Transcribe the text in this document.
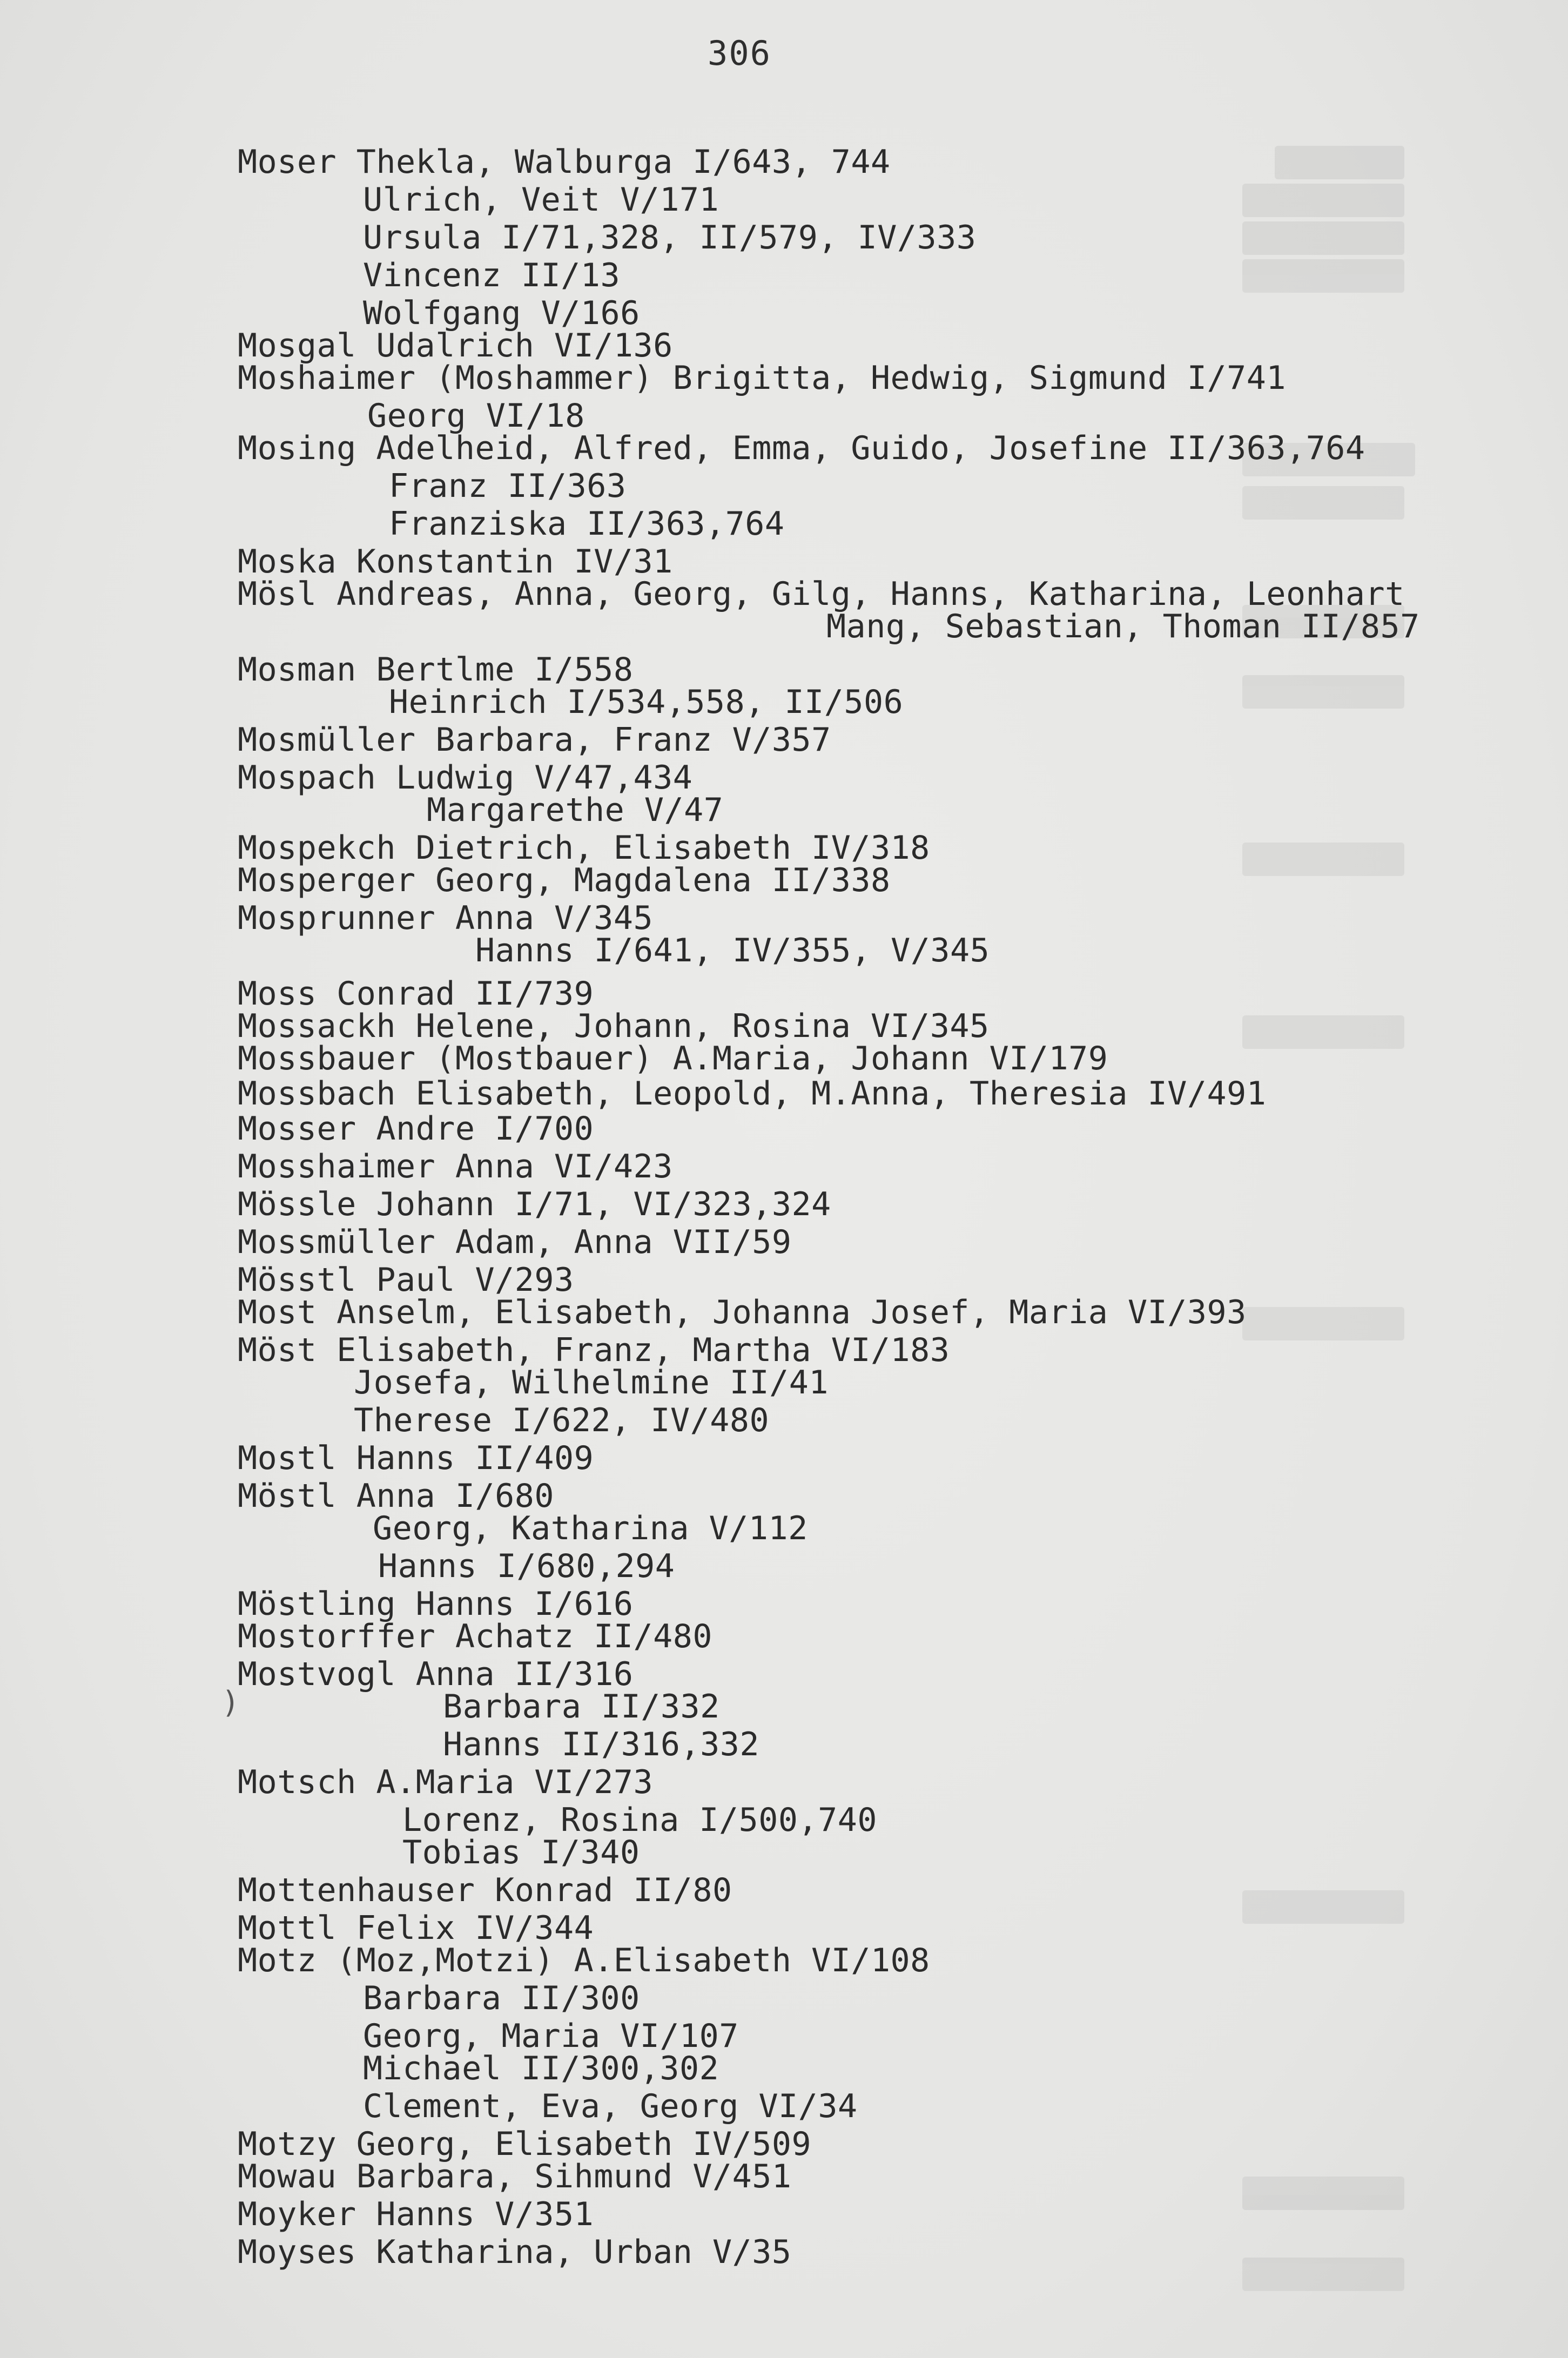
306
Moser Thekla, Walburga I/643, 744
Ulrich, Veit V/171
Ursula I/71,328, II/579, IV/333
Vincenz II/13
Wolfgang V/166
Mosgal Udalrich VI/136
Moshaimer (Moshammer) Brigitta, Hedwig, Sigmund I/741
Georg VI/18
Mosing Adelheid, Alfred, Emma, Guido, Josefine II/363,764
Franz II/363
Franziska II/363,764
Moska Konstantin IV/31
Mösl Andreas, Anna, Georg, Gilg, Hanns, Katharina, Leonhart
Mang, Sebastian, Thoman II/857
Mosman Bertlme I/558
Heinrich I/534,558, II/506
Mosmüller Barbara, Franz V/357
Mospach Ludwig V/47,434
Margarethe V/47
Mospekch Dietrich, Elisabeth IV/318
Mosperger Georg, Magdalena II/338
Mosprunner Anna V/345
Hanns I/641, IV/355, V/345
Moss Conrad II/739
Mossackh Helene, Johann, Rosina VI/345
Mossbauer (Mostbauer) A.Maria, Johann VI/179
Mossbach Elisabeth, Leopold, M.Anna, Theresia IV/491
Mosser Andre I/700
Mosshaimer Anna VI/423
Mössle Johann I/71, VI/323,324
Mossmüller Adam, Anna VII/59
Mösstl Paul V/293
Most Anselm, Elisabeth, Johanna Josef, Maria VI/393
Möst Elisabeth, Franz, Martha VI/183
Josefa, Wilhelmine II/41
Therese I/622, IV/480
Mostl Hanns II/409
Möstl Anna I/680
Georg, Katharina V/112
Hanns I/680,294
Möstling Hanns I/616
Mostorffer Achatz II/480
Mostvogl Anna II/316
Barbara II/332
Hanns II/316,332
Motsch A.Maria VI/273
Lorenz, Rosina I/500,740
Tobias I/340
Mottenhauser Konrad II/80
Mottl Felix IV/344
Motz (Moz,Motzi) A.Elisabeth VI/108
Barbara II/300
Georg, Maria VI/107
Michael II/300,302
Clement, Eva, Georg VI/34
Motzy Georg, Elisabeth IV/509
Mowau Barbara, Sihmund V/451
Moyker Hanns V/351
Moyses Katharina, Urban V/35
)
